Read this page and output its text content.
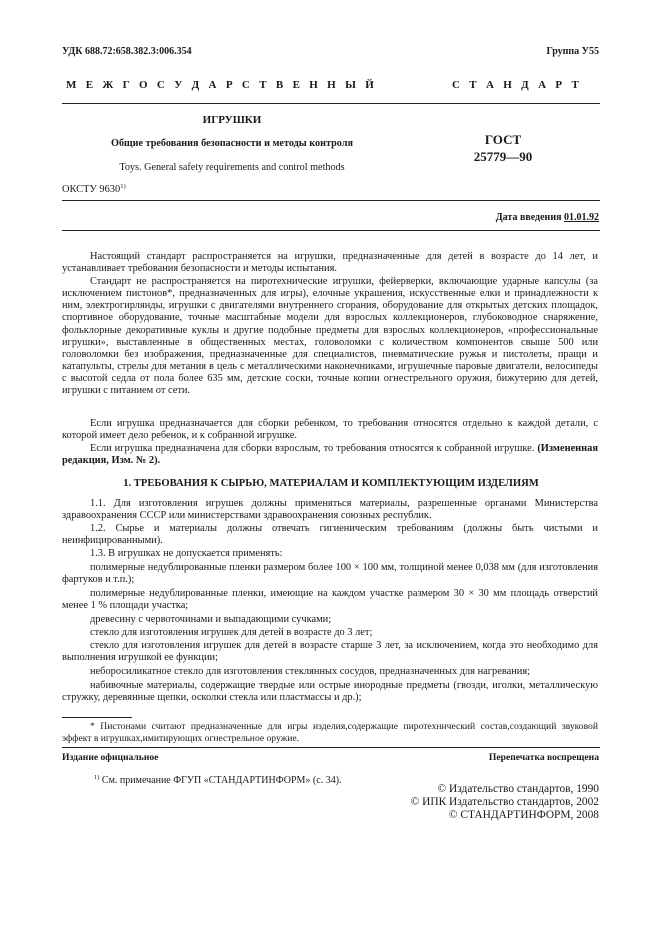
УДК 688.72:658.382.3:006.354	Группа У55
М Е Ж Г О С У Д А Р С Т В Е Н Н Ы Й	С Т А Н Д А Р Т
ИГРУШКИ
Общие требования безопасности и методы контроля
Toys. General safety requirements and control methods
ГОСТ
25779—90
ОКСТУ 9630$^{1)}$
Дата введения 01.01.92
Настоящий стандарт распространяется на игрушки, предназначенные для детей в возрасте до 14 лет, и устанавливает требования безопасности и методы испытания.
Стандарт не распространяется на пиротехнические игрушки, фейерверки, включающие ударные капсулы (за исключением пистонов*, предназначенных для игры), елочные украшения, искусственные елки и принадлежности к ним, электрогирлянды, игрушки с двигателями внутреннего сгорания, оборудование для открытых детских площадок, спортивное оборудование, точные масштабные модели для взрослых коллекционеров, глубоководное снаряжение, фольклорные декоративные куклы и другие подобные предметы для взрослых коллекционеров, «профессиональные игрушки», выставленные в общественных местах, головоломки с количеством компонентов свыше 500 или головоломки без изображения, предназначенные для специалистов, пневматические ружья и пистолеты, пращи и катапульты, стрелы для метания в цель с металлическими наконечниками, игрушечные паровые двигатели, велосипеды с высотой седла от пола более 635 мм, детские соски, точные копии огнестрельного оружия, бижутерию для детей, игрушки с питанием от сети.
Если игрушка предназначается для сборки ребенком, то требования относятся отдельно к каждой детали, с которой имеет дело ребенок, и к собранной игрушке.
Если игрушка предназначена для сборки взрослым, то требования относятся к собранной игрушке. (Измененная редакция, Изм. № 2).
1. ТРЕБОВАНИЯ К СЫРЬЮ, МАТЕРИАЛАМ И КОМПЛЕКТУЮЩИМ ИЗДЕЛИЯМ
1.1. Для изготовления игрушек должны применяться материалы, разрешенные органами Министерства здравоохранения СССР или министерствами здравоохранения союзных республик.
1.2. Сырье и материалы должны отвечать гигиеническим требованиям (должны быть чистыми и неинфицированными).
1.3. В игрушках не допускается применять:
полимерные недублированные пленки размером более 100 × 100 мм, толщиной менее 0,038 мм (для изготовления фартуков и т.п.);
полимерные недублированные пленки, имеющие на каждом участке размером 30 × 30 мм площадь отверстий менее 1 % площади участка;
древесину с червоточинами и выпадающими сучками;
стекло для изготовления игрушек для детей в возрасте до 3 лет;
стекло для изготовления игрушек для детей в возрасте старше 3 лет, за исключением, когда это необходимо для выполнения игрушкой ее функции;
неборосиликатное стекло для изготовления стеклянных сосудов, предназначенных для нагревания;
набивочные материалы, содержащие твердые или острые инородные предметы (гвозди, иголки, металлическую стружку, деревянные щепки, осколки стекла или пластмассы и др.);
* Пистонами считают предназначенные для игры изделия,содержащие пиротехнический состав,создающий звуковой эффект в игрушках,имитирующих огнестрельное оружие.
Издание официальное	Перепечатка воспрещена
$^{1)}$ См. примечание ФГУП «СТАНДАРТИНФОРМ» (с. 34).
© Издательство стандартов, 1990
© ИПК Издательство стандартов, 2002
© СТАНДАРТИНФОРМ, 2008
